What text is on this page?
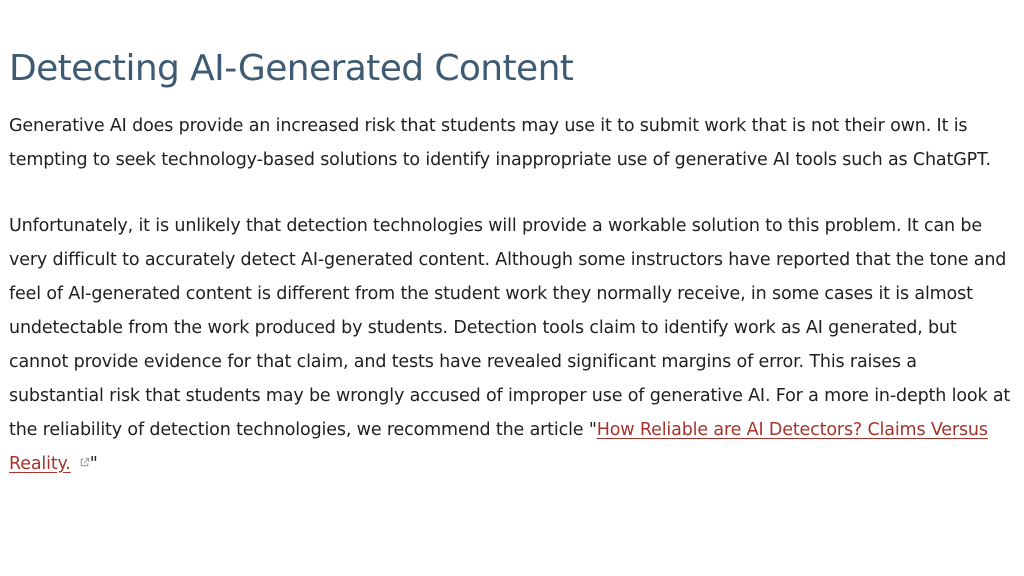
Detecting AI-Generated Content

Generative AI does provide an increased risk that students may use it to submit work that is not their own. It is tempting to seek technology-based solutions to identify inappropriate use of generative AI tools such as ChatGPT.

Unfortunately, it is unlikely that detection technologies will provide a workable solution to this problem. It can be very difficult to accurately detect AI-generated content. Although some instructors have reported that the tone and feel of AI-generated content is different from the student work they normally receive, in some cases it is almost undetectable from the work produced by students. Detection tools claim to identify work as AI generated, but cannot provide evidence for that claim, and tests have revealed significant margins of error. This raises a substantial risk that students may be wrongly accused of improper use of generative AI. For a more in-depth look at the reliability of detection technologies, we recommend the article "How Reliable are AI Detectors? Claims Versus Reality. "
